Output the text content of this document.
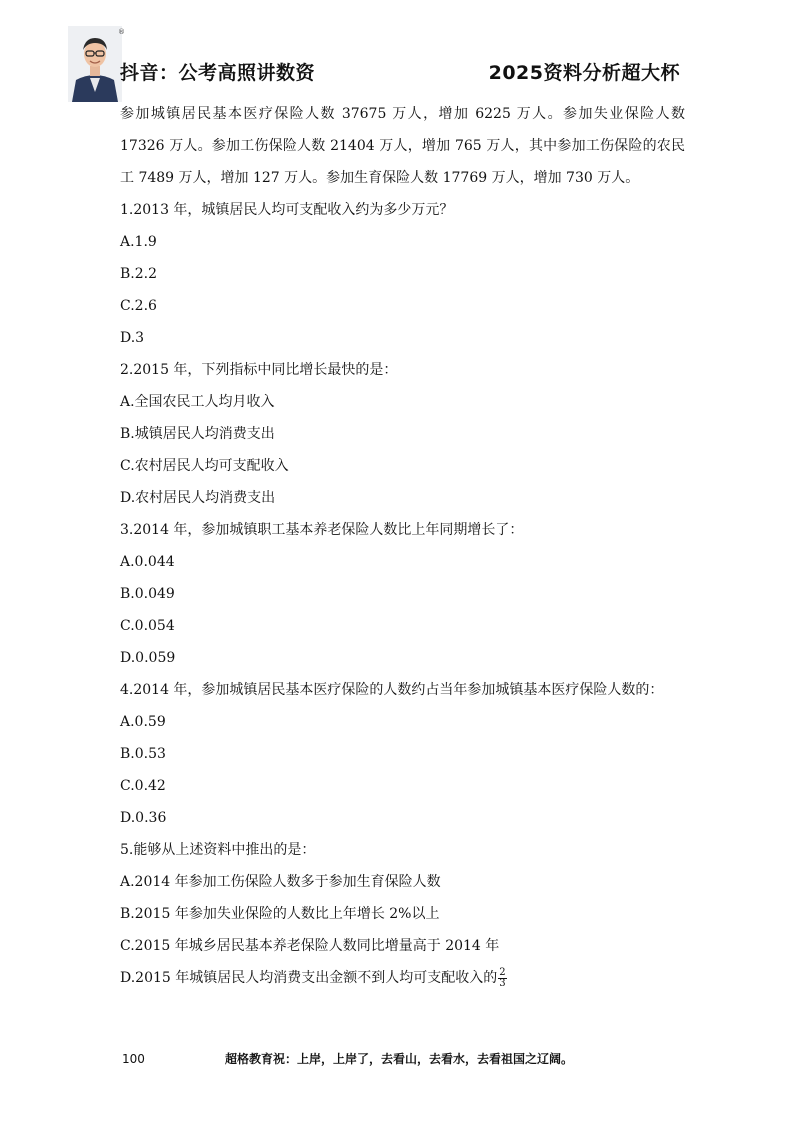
®
抖音：公考高照讲数资	2025资料分析超大杯

参加城镇居民基本医疗保险人数 37675 万人，增加 6225 万人。参加失业保险人数 17326 万人。参加工伤保险人数 21404 万人，增加 765 万人，其中参加工伤保险的农民工 7489 万人，增加 127 万人。参加生育保险人数 17769 万人，增加 730 万人。

1.2013 年，城镇居民人均可支配收入约为多少万元？
A.1.9
B.2.2
C.2.6
D.3
2.2015 年，下列指标中同比增长最快的是：
A.全国农民工人均月收入
B.城镇居民人均消费支出
C.农村居民人均可支配收入
D.农村居民人均消费支出
3.2014 年，参加城镇职工基本养老保险人数比上年同期增长了：
A.0.044
B.0.049
C.0.054
D.0.059
4.2014 年，参加城镇居民基本医疗保险的人数约占当年参加城镇基本医疗保险人数的：
A.0.59
B.0.53
C.0.42
D.0.36
5.能够从上述资料中推出的是：
A.2014 年参加工伤保险人数多于参加生育保险人数
B.2015 年参加失业保险的人数比上年增长 2%以上
C.2015 年城乡居民基本养老保险人数同比增量高于 2014 年
D.2015 年城镇居民人均消费支出金额不到人均可支配收入的 $\frac{2}{3}$
100	超格教育祝：上岸，上岸了，去看山，去看水，去看祖国之辽阔。
